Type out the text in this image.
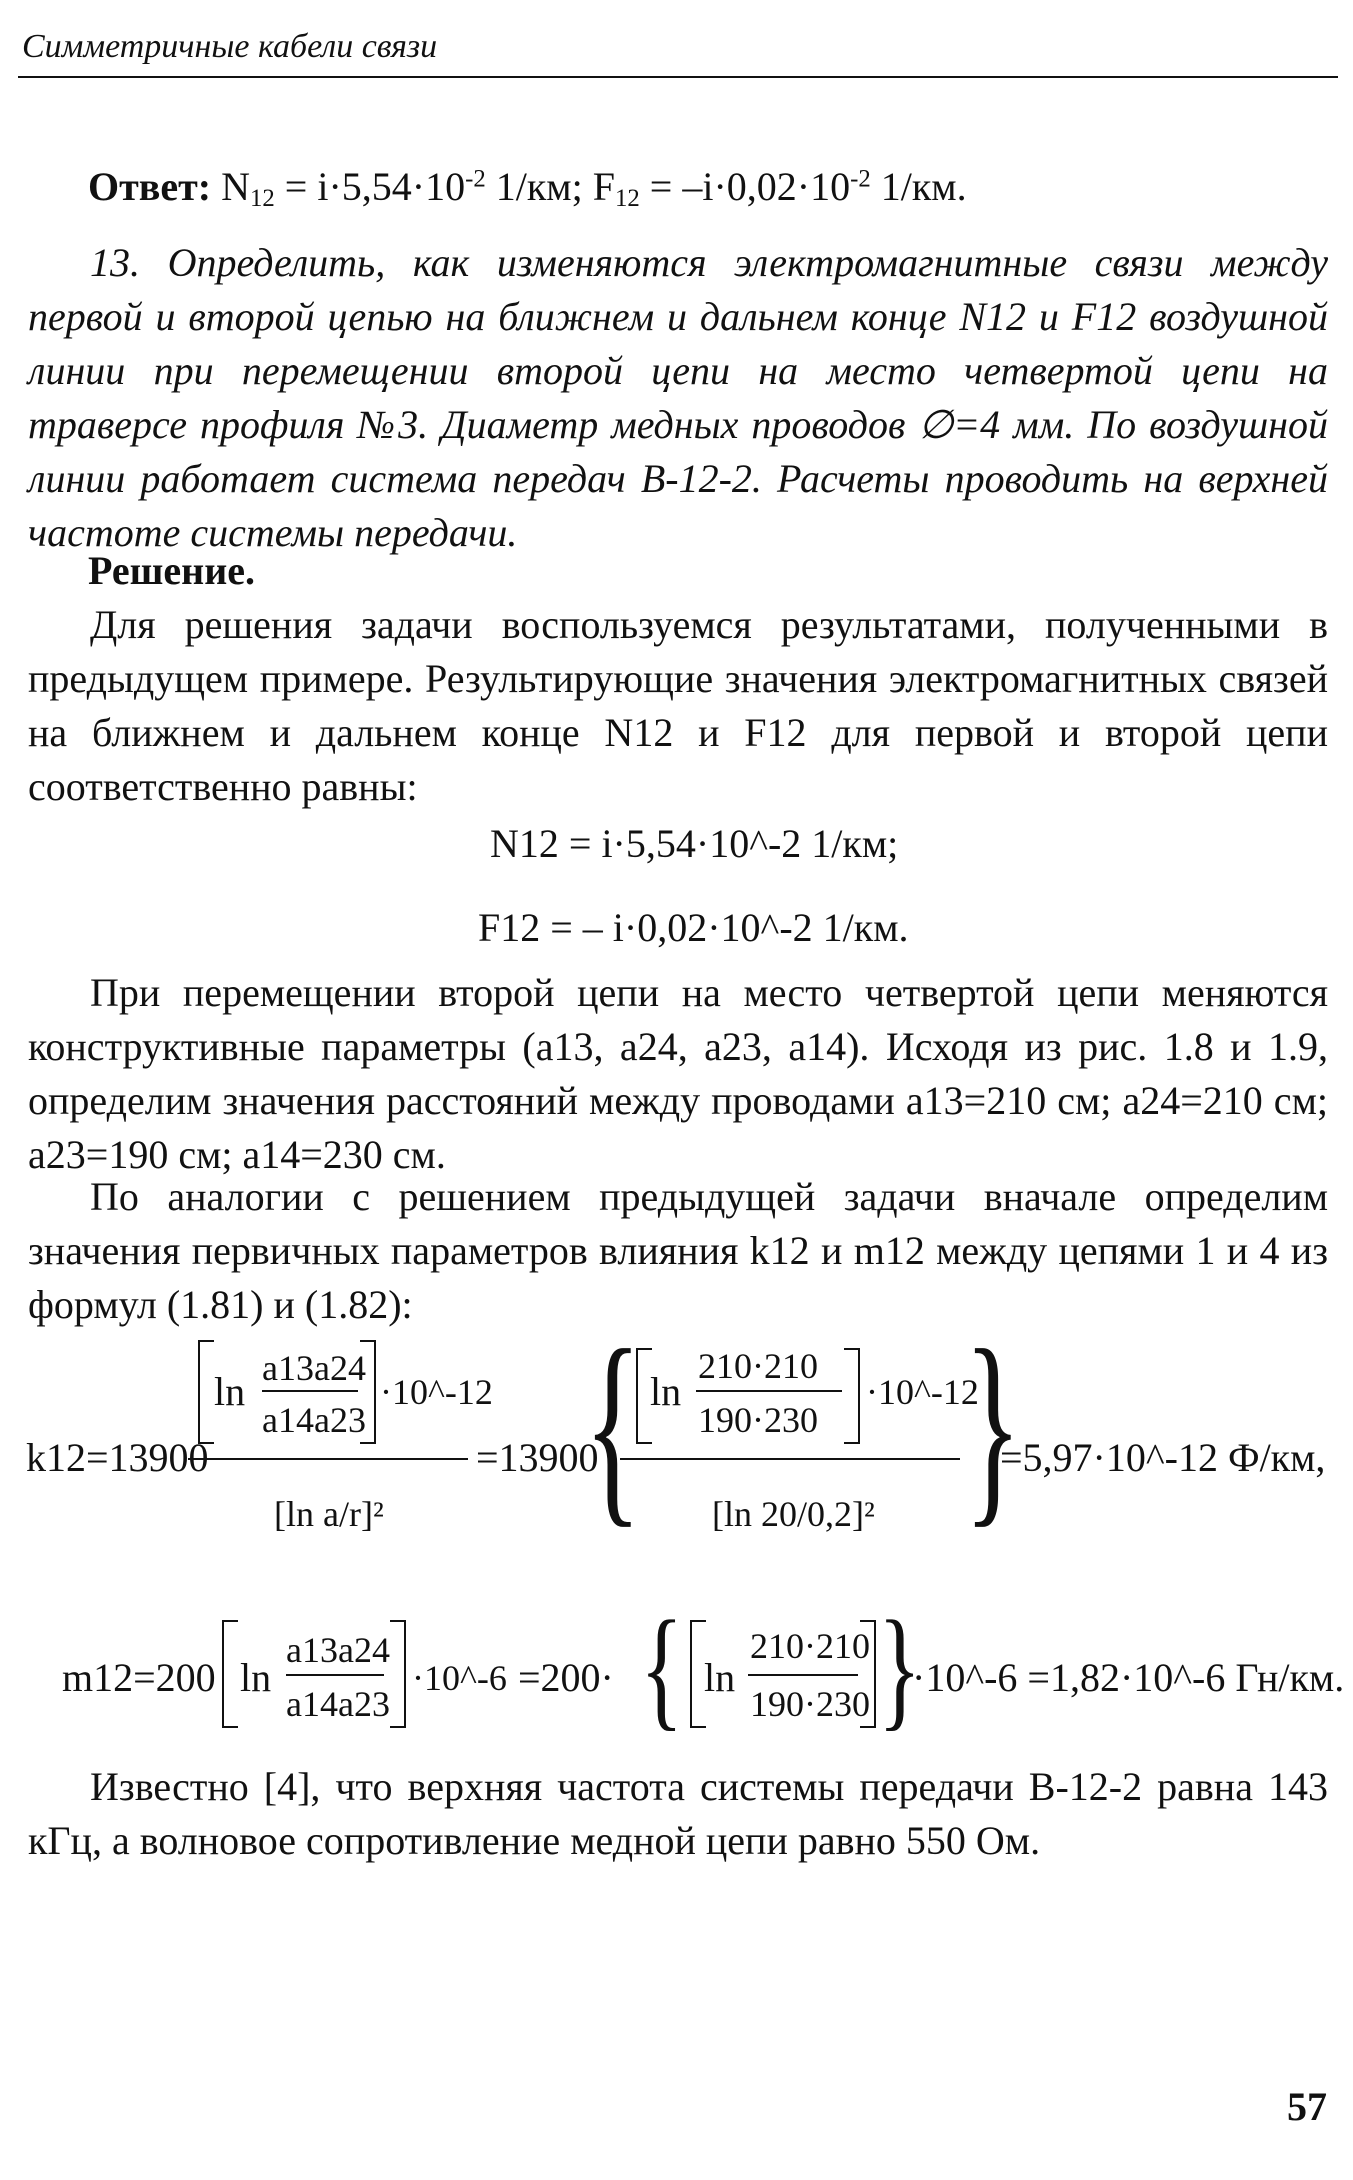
Симметричные кабели связи
Ответ: $N_{12} = i\cdot 5,54\cdot 10^{-2}$ 1/км; $F_{12} = -i\cdot 0,02\cdot 10^{-2}$ 1/км.
13. Определить, как изменяются электромагнитные связи между первой и второй цепью на ближнем и дальнем конце N12 и F12 воздушной линии при перемещении второй цепи на место четвертой цепи на траверсе профиля №3. Диаметр медных проводов ∅=4 мм. По воздушной линии работает система передач В-12-2. Расчеты проводить на верхней частоте системы передачи.
Решение.
Для решения задачи воспользуемся результатами, полученными в предыдущем примере. Результирующие значения электромагнитных связей на ближнем и дальнем конце N12 и F12 для первой и второй цепи соответственно равны:
N12 = i·5,54·10^-2 1/км;
F12 = – i·0,02·10^-2 1/км.
При перемещении второй цепи на место четвертой цепи меняются конструктивные параметры (a13, a24, a23, a14). Исходя из рис. 1.8 и 1.9, определим значения расстояний между проводами a13=210 см; a24=210 см; a23=190 см; a14=230 см.
По аналогии с решением предыдущей задачи вначале определим значения первичных параметров влияния k12 и m12 между цепями 1 и 4 из формул (1.81) и (1.82):
k12=13900
ln
a13a24
a14a23
·10^-12
[ln a/r]²
=13900
{ ln
210·210
190·230
·10^-12
[ln 20/0,2]² }
=5,97·10^-12 Ф/км,
m12=200 ln
a13a24
a14a23
·10^-6 =200· { ln
210·210
190·230 }
·10^-6 =1,82·10^-6 Гн/км.
Известно [4], что верхняя частота системы передачи В-12-2 равна 143 кГц, а волновое сопротивление медной цепи равно 550 Ом.
57
